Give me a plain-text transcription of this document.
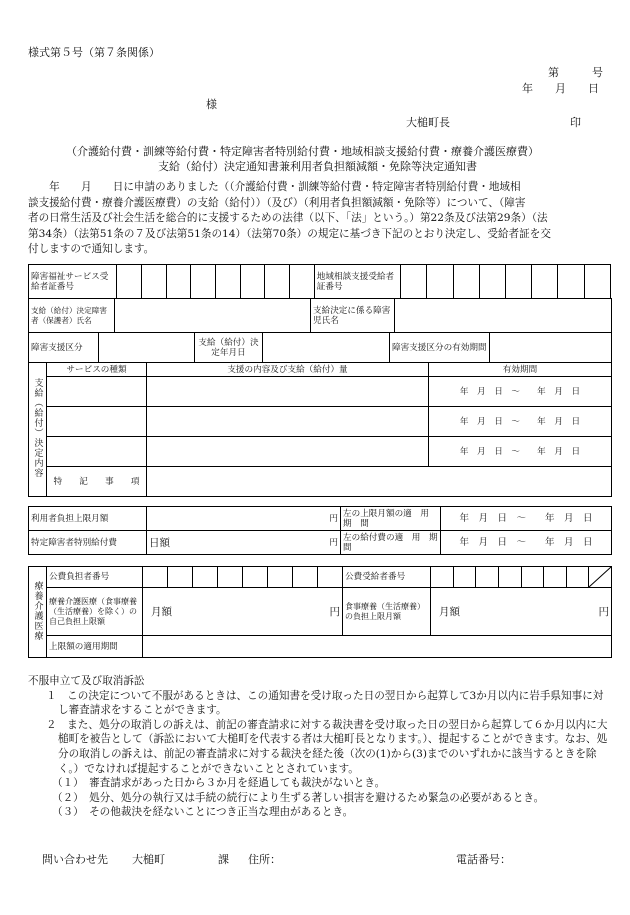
様式第５号（第７条関係）
第　　　号
年　　月　　日
様
大槌町長	印
（介護給付費・訓練等給付費・特定障害者特別給付費・地域相談支援給付費・療養介護医療費）
支給（給付）決定通知書兼利用者負担額減額・免除等決定通知書

　　年　　月　　日に申請のありました（（介護給付費・訓練等給付費・特定障害者特別給付費・地域相

談支援給付費・療養介護医療費）の支給（給付））（及び）（利用者負担額減額・免除等）について、（障害

者の日常生活及び社会生活を総合的に支援するための法律（以下、「法」という。）第22条及び法第29条）（法

第34条）（法第51条の７及び法第51条の14）（法第70条）の規定に基づき下記のとおり決定し、受給者証を交

付しますので通知します。

障害福祉サービス受給者証番号									地域相談支援受給者証番号								
支給（給付）決定障害者（保護者）氏名		支給決定に係る障害児氏名	
障害支援区分		支給（給付）決定年月日		障害支援区分の有効期間	
支給（給付）決定内容	サービスの種類	支援の内容及び支給（給付）量	有効期間
			年　月　日　〜　　年　月　日
			年　月　日　〜　　年　月　日
			年　月　日　〜　　年　月　日
	特　　記　　事　　項		
利用者負担上限月額	円	左の上限月額の適　用　期　間	年　月　日　〜　　年　月　日
特定障害者特別給付費	日額 円	左の給付費の適　用　期　間	年　月　日　〜　　年　月　日
療養介護医療	公費負担者番号									公費受給者番号								

	療養介護医療（食事療養（生活療養）を除く）の自己負担上限額	月額 円								食事療養（生活療養）の負担上限月額	月額 円							

	上限額の適用期間																	
不服申立て及び取消訴訟
１　この決定について不服があるときは、この通知書を受け取った日の翌日から起算して3か月以内に岩手県知事に対し審査請求をすることができます。
２　また、処分の取消しの訴えは、前記の審査請求に対する裁決書を受け取った日の翌日から起算して６か月以内に大槌町を被告として（訴訟において大槌町を代表する者は大槌町長となります。）、提起することができます。なお、処分の取消しの訴えは、前記の審査請求に対する裁決を経た後（次の(1)から(3)までのいずれかに該当するときを除く。）でなければ提起することができないこととされています。
（１）　審査請求があった日から３か月を経過しても裁決がないとき。
（２）　処分、処分の執行又は手続の続行により生ずる著しい損害を避けるため緊急の必要があるとき。
（３）　その他裁決を経ないことにつき正当な理由があるとき。
問い合わせ先 大槌町	課 住所：	電話番号：
